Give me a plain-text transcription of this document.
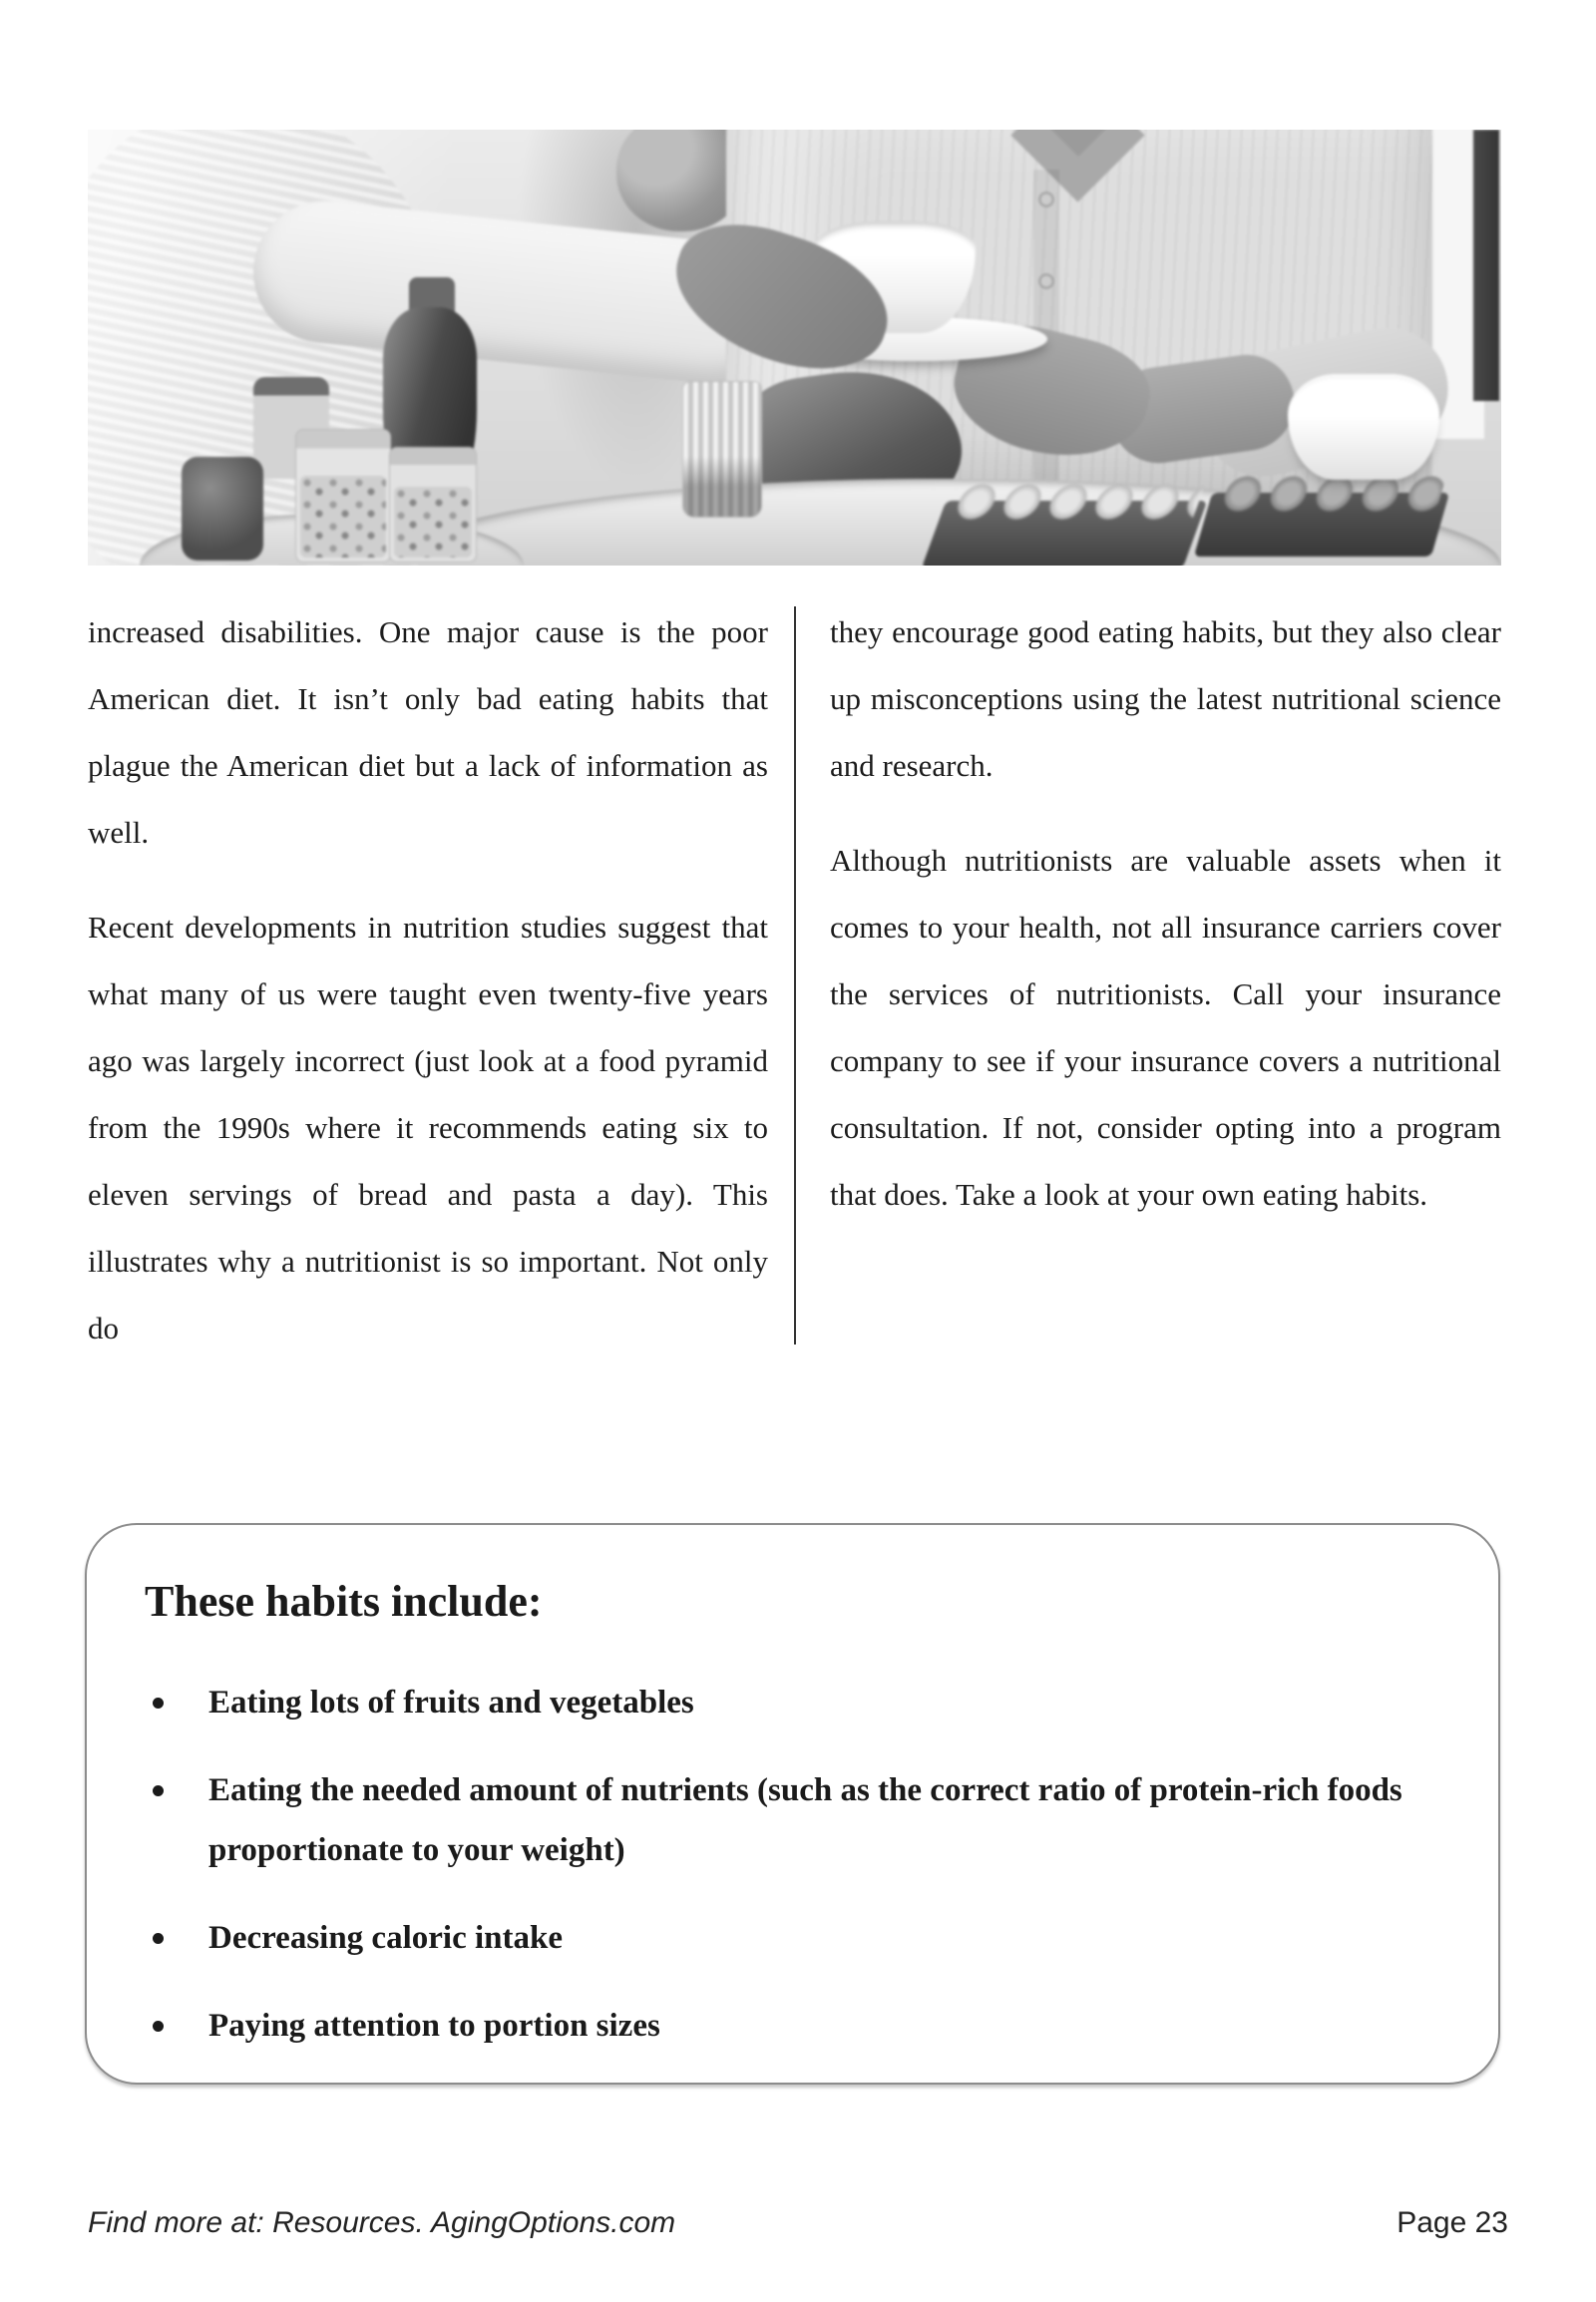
increased disabilities. One major cause is the poor American diet. It isn’t only bad eating habits that plague the American diet but a lack of information as well.

Recent developments in nutrition studies suggest that what many of us were taught even twenty-five years ago was largely incorrect (just look at a food pyramid from the 1990s where it recommends eating six to eleven servings of bread and pasta a day). This illustrates why a nutritionist is so important. Not only do

they encourage good eating habits, but they also clear up misconceptions using the latest nutritional science and research.

Although nutritionists are valuable assets when it comes to your health, not all insurance carriers cover the services of nutritionists. Call your insurance company to see if your insurance covers a nutritional consultation. If not, consider opting into a program that does. Take a look at your own eating habits.

These habits include:
Eating lots of fruits and vegetables
Eating the needed amount of nutrients (such as the correct ratio of protein-rich foods proportionate to your weight)
Decreasing caloric intake
Paying attention to portion sizes
Find more at: Resources. AgingOptions.com	Page 23
